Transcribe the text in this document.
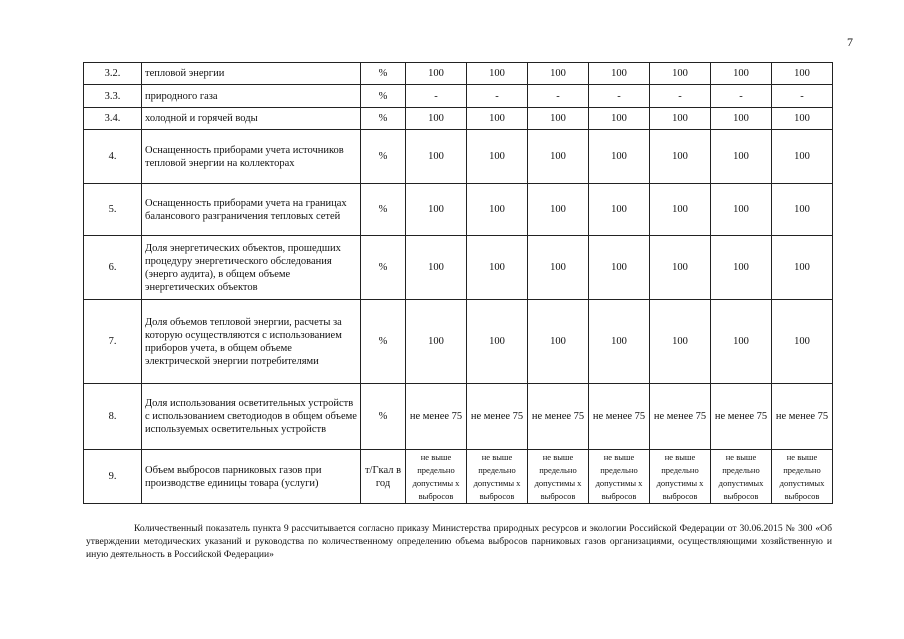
7
3.2.	тепловой энергии	%	100	100	100	100	100	100	100
3.3.	природного газа	%	-	-	-	-	-	-	-
3.4.	холодной и горячей воды	%	100	100	100	100	100	100	100
4.	Оснащенность приборами учета источников тепловой энергии на коллекторах	%	100	100	100	100	100	100	100
5.	Оснащенность приборами учета на границах балансового разграничения тепловых сетей	%	100	100	100	100	100	100	100
6.	Доля энергетических объектов, прошедших процедуру энергетического обследования (энерго аудита), в общем объеме энергетических объектов	%	100	100	100	100	100	100	100
7.	Доля объемов тепловой энергии, расчеты за которую осуществляются с использованием приборов учета, в общем объеме электрической энергии потребителями	%	100	100	100	100	100	100	100
8.	Доля использования осветительных устройств с использованием светодиодов в общем объеме используемых осветительных устройств	%	не менее 75	не менее 75	не менее 75	не менее 75	не менее 75	не менее 75	не менее 75
9.	Объем выбросов парниковых газов при производстве единицы товара (услуги)	т/Гкал в год	не выше предельно допустимы х выбросов	не выше предельно допустимы х выбросов	не выше предельно допустимы х выбросов	не выше предельно допустимы х выбросов	не выше предельно допустимы х выбросов	не выше предельно допустимых выбросов	не выше предельно допустимых выбросов

Количественный показатель пункта 9 рассчитывается согласно приказу Министерства природных ресурсов и экологии Российской Федерации от 30.06.2015 № 300 «Об утверждении методических указаний и руководства по количественному определению объема выбросов парниковых газов организациями, осуществляющими хозяйственную и иную деятельность в Российской Федерации»
